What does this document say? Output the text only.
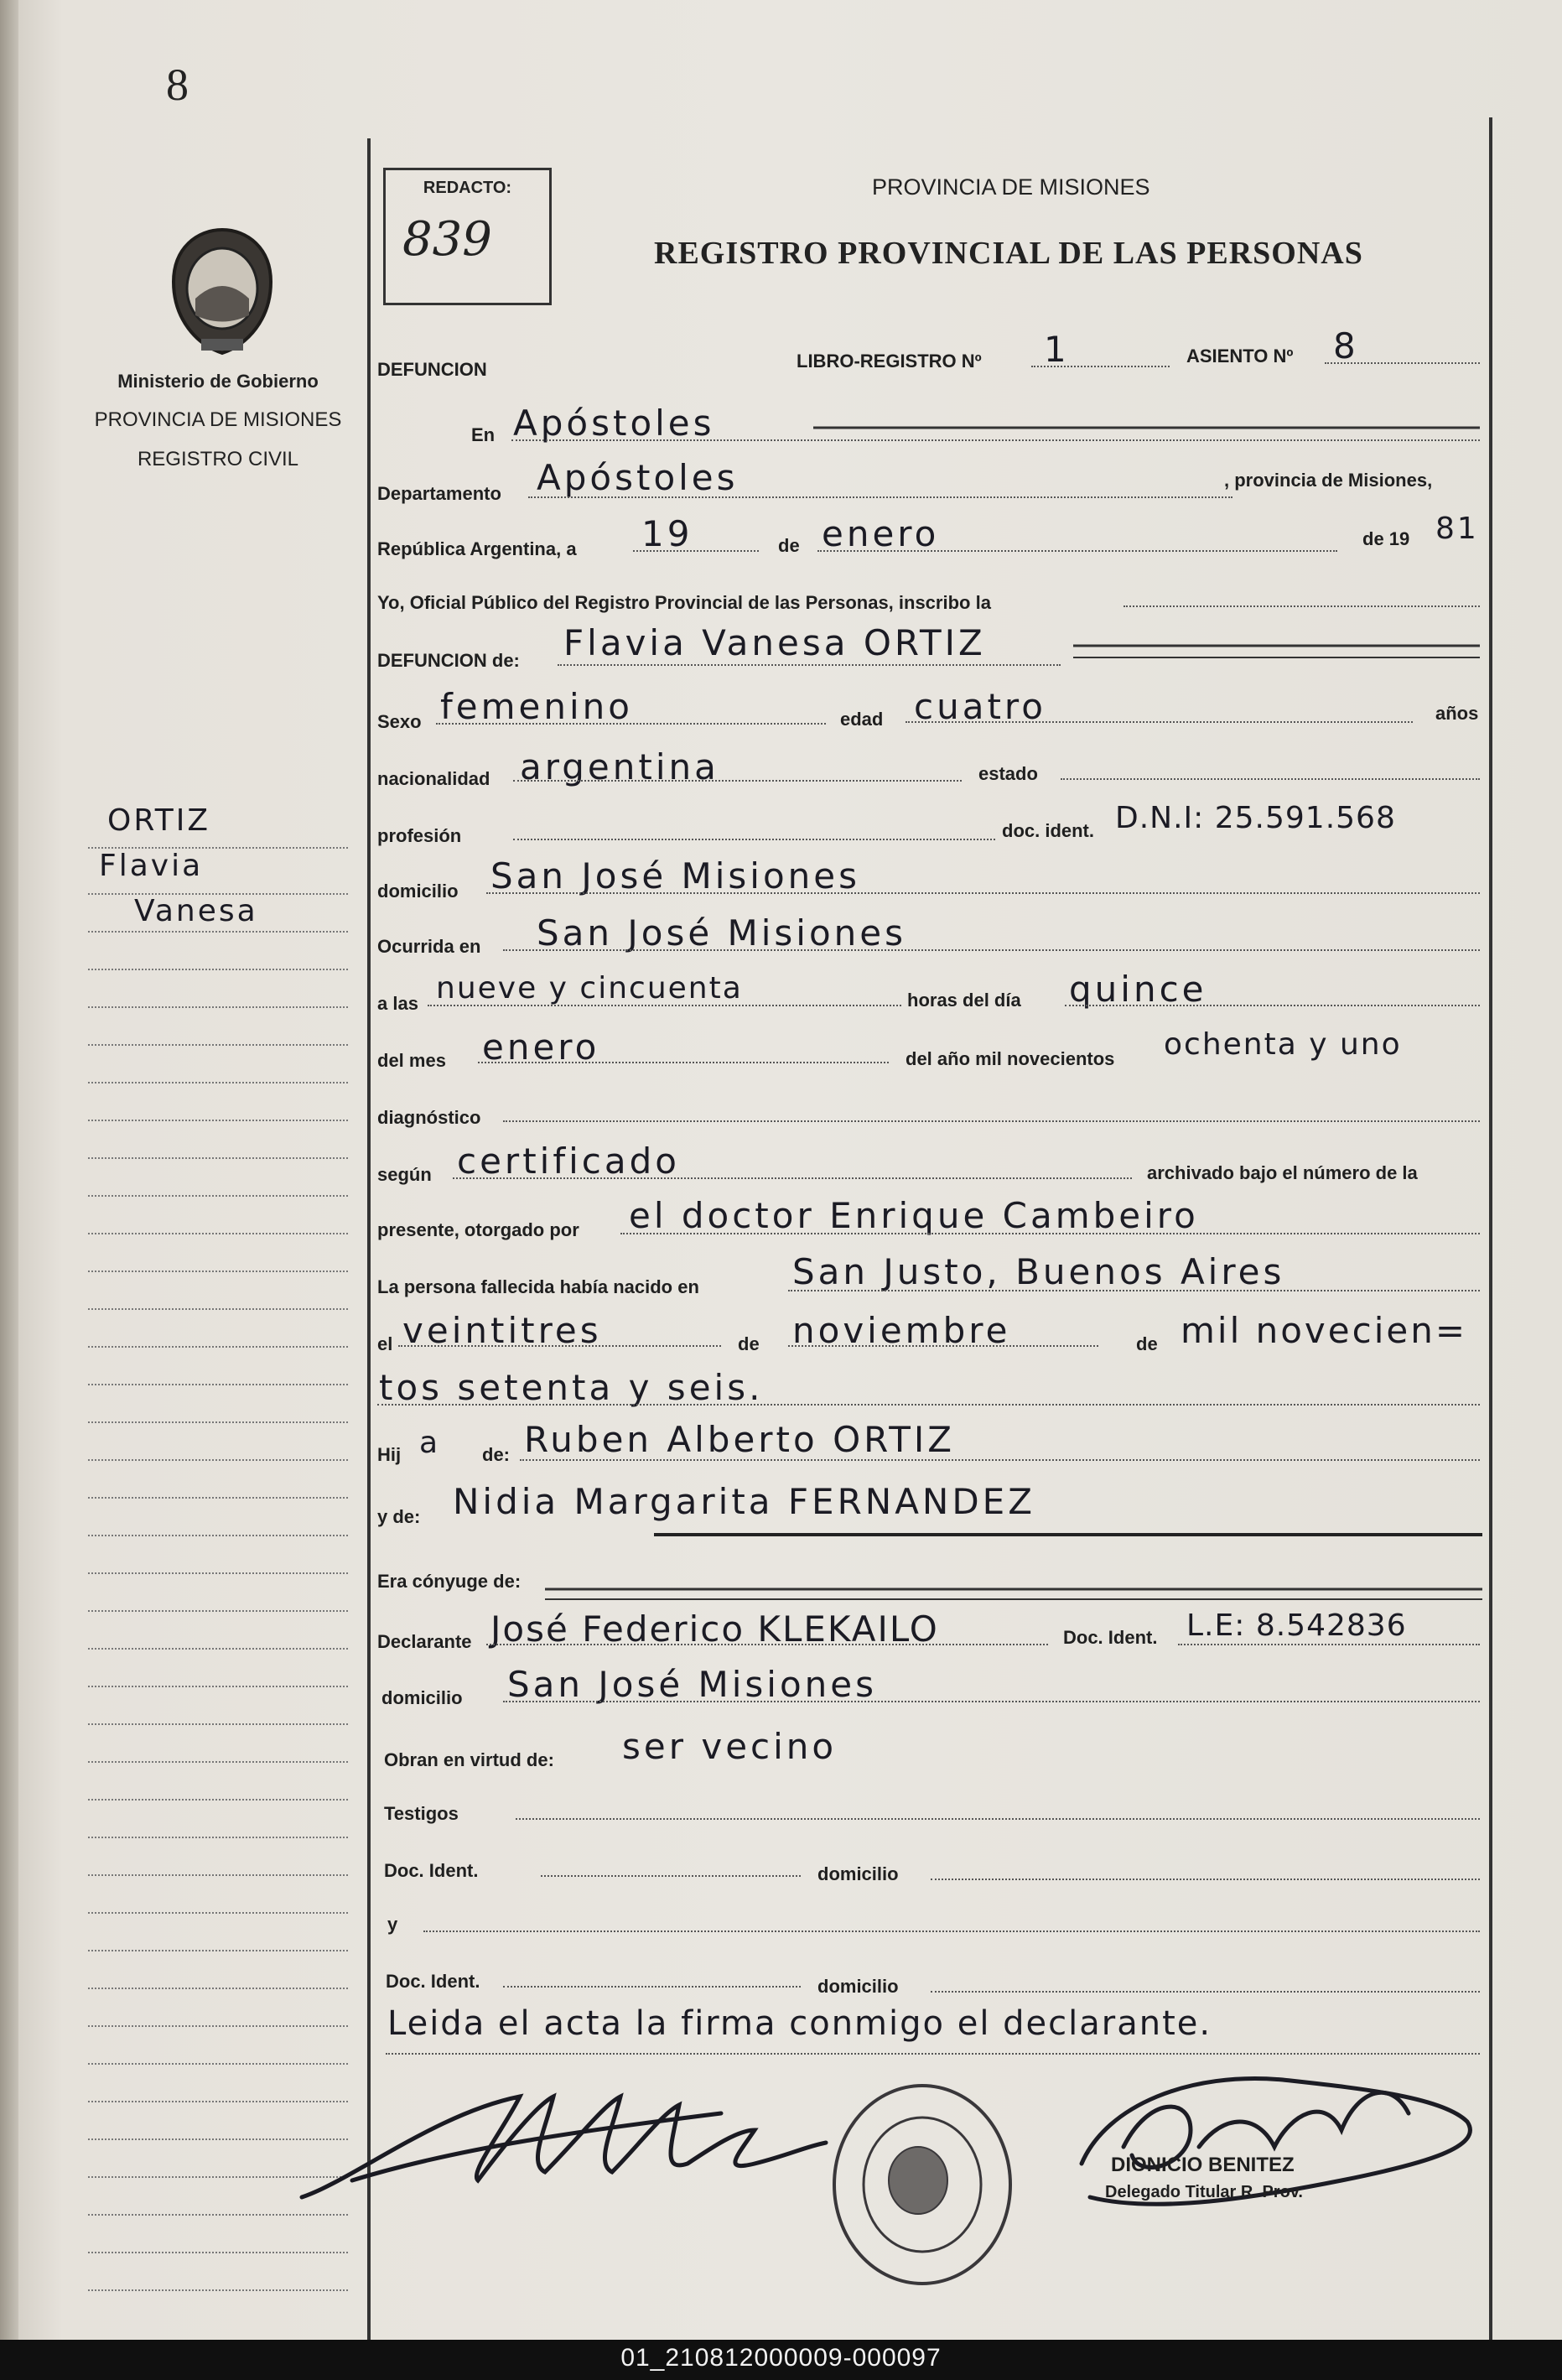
8
Ministerio de Gobierno
PROVINCIA DE MISIONES
REGISTRO CIVIL
ORTIZ
Flavia
Vanesa
REDACTO:
839
PROVINCIA DE MISIONES
REGISTRO PROVINCIAL DE LAS PERSONAS
DEFUNCION	LIBRO-REGISTRO Nº 1	ASIENTO Nº 8
En Apóstoles
Departamento Apóstoles	, provincia de Misiones,
República Argentina, a 19	de enero	de 19 81
Yo, Oficial Público del Registro Provincial de las Personas, inscribo la
DEFUNCION de: Flavia Vanesa ORTIZ
Sexo femenino	edad cuatro	años
nacionalidad argentina	estado
profesión	doc. ident. D.N.I: 25.591.568
domicilio San José Misiones
Ocurrida en San José Misiones
a las nueve y cincuenta	horas del día quince
del mes enero	del año mil novecientos ochenta y uno
diagnóstico
según certificado	archivado bajo el número de la
presente, otorgado por el doctor Enrique Cambeiro
La persona fallecida había nacido en	San Justo, Buenos Aires
el veintitres	de noviembre	de mil novecien=
tos setenta y seis.
Hij a de: Ruben Alberto ORTIZ
y de: Nidia Margarita FERNANDEZ
Era cónyuge de:
Declarante José Federico KLEKAILO	Doc. Ident. L.E: 8.542836
domicilio San José Misiones
Obran en virtud de: ser vecino
Testigos
Doc. Ident.	domicilio
y
Doc. Ident.	domicilio
Leida el acta la firma conmigo el declarante.
DIONICIO BENITEZ
Delegado Titular R. Prov.
01_210812000009-000097
